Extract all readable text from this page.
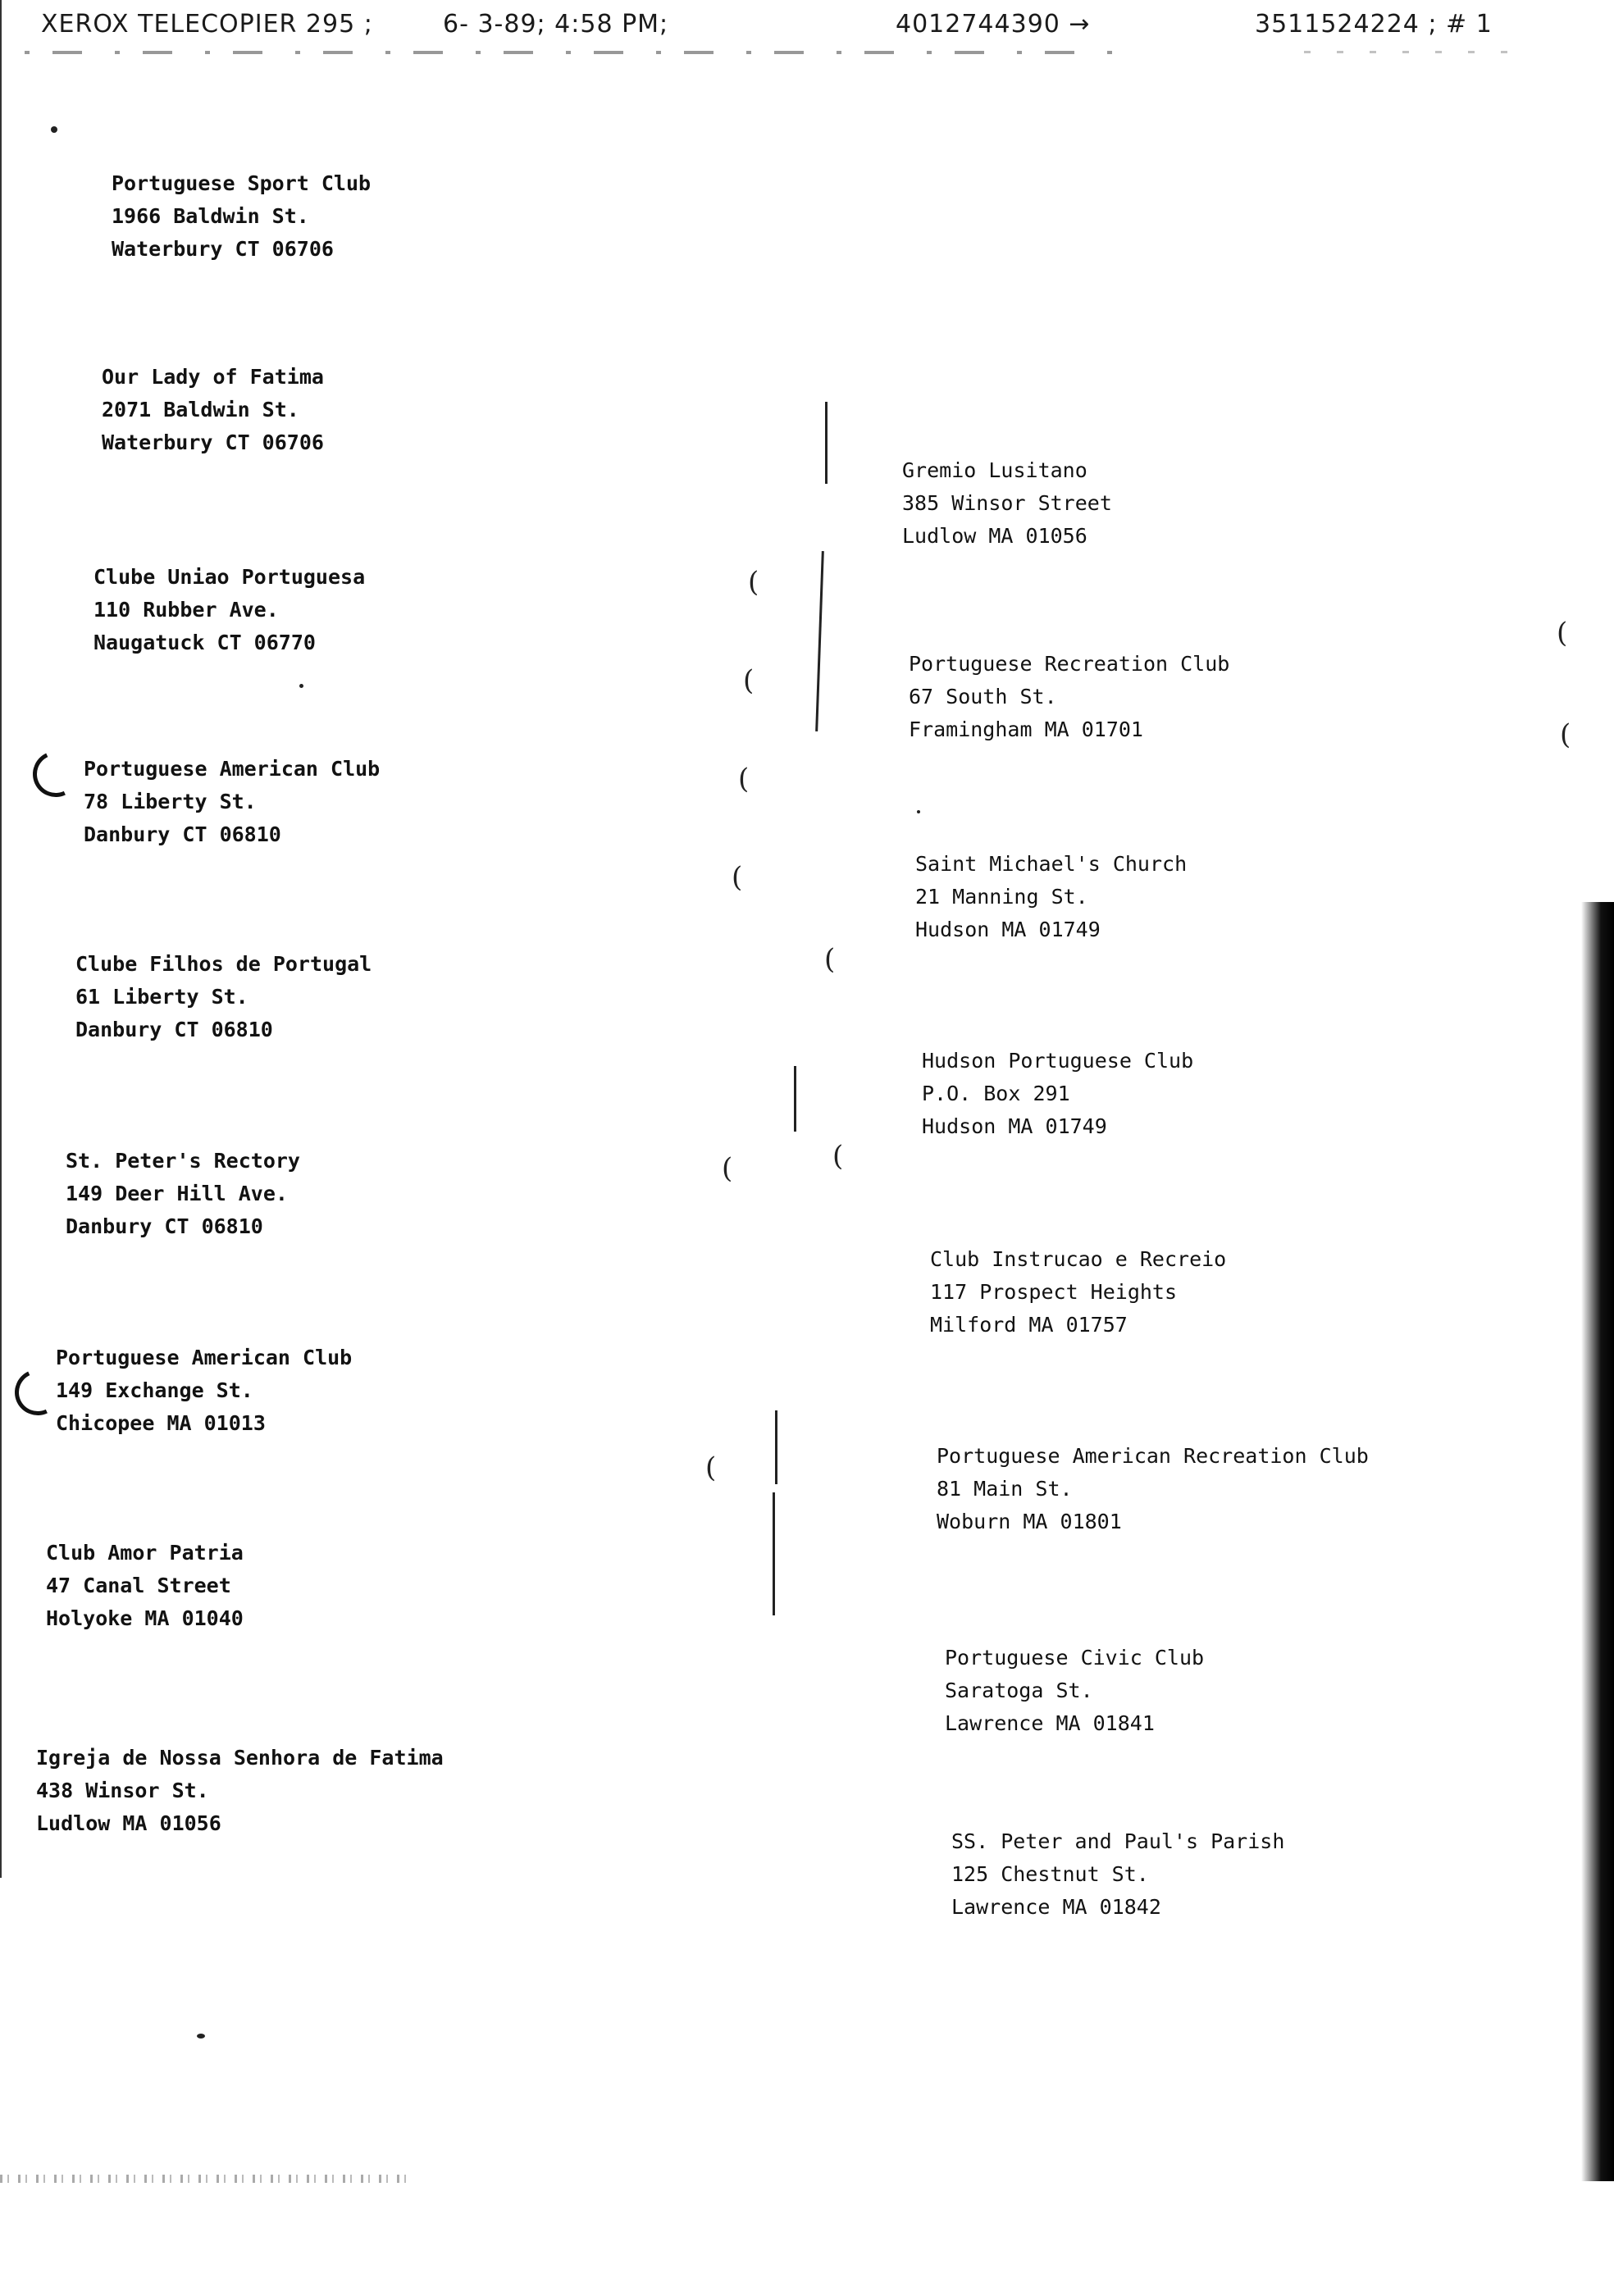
XEROX TELECOPIER 295 ;	6- 3-89; 4:58 PM;	4012744390 →	3511524224 ; # 1
(
(
(
(
(
(	(
(
(
(
Portuguese Sport Club
1966 Baldwin St.
Waterbury CT 06706
Our Lady of Fatima
2071 Baldwin St.
Waterbury CT 06706
Clube Uniao Portuguesa
110 Rubber Ave.
Naugatuck CT 06770
Portuguese American Club
78 Liberty St.
Danbury CT 06810
Clube Filhos de Portugal
61 Liberty St.
Danbury CT 06810
St. Peter's Rectory
149 Deer Hill Ave.
Danbury CT 06810
Portuguese American Club
149 Exchange St.
Chicopee MA 01013
Club Amor Patria
47 Canal Street
Holyoke MA 01040
Igreja de Nossa Senhora de Fatima
438 Winsor St.
Ludlow MA 01056
Gremio Lusitano
385 Winsor Street
Ludlow MA 01056
Portuguese Recreation Club
67 South St.
Framingham MA 01701
Saint Michael's Church
21 Manning St.
Hudson MA 01749
Hudson Portuguese Club
P.O. Box 291
Hudson MA 01749
Club Instrucao e Recreio
117 Prospect Heights
Milford MA 01757
Portuguese American Recreation Club
81 Main St.
Woburn MA 01801
Portuguese Civic Club
Saratoga St.
Lawrence MA 01841
SS. Peter and Paul's Parish
125 Chestnut St.
Lawrence MA 01842
